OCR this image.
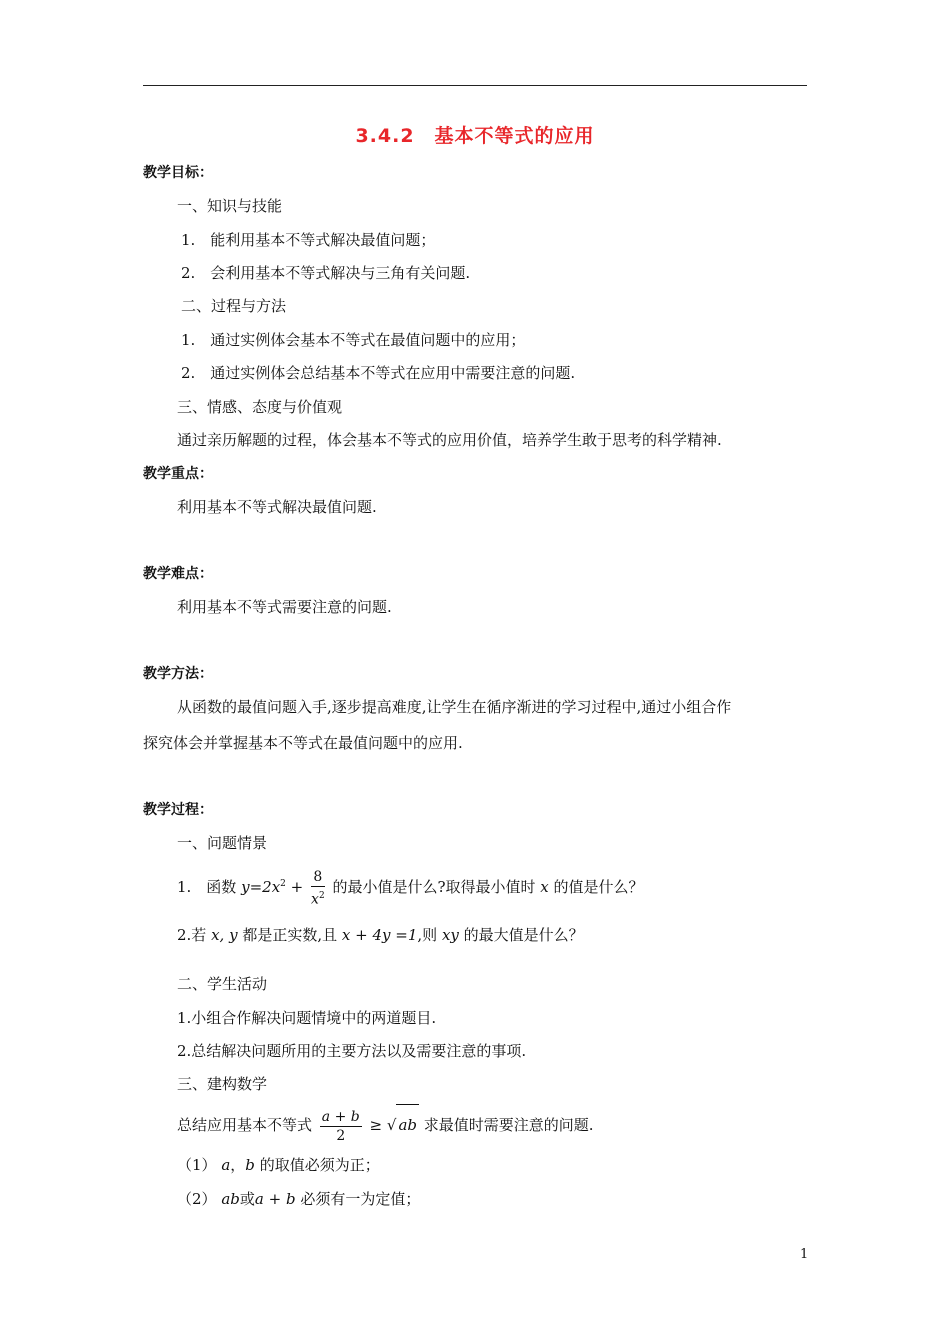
3.4.2　基本不等式的应用
教学目标：
一、知识与技能
1.　能利用基本不等式解决最值问题；
2.　会利用基本不等式解决与三角有关问题.
二、过程与方法
1.　通过实例体会基本不等式在最值问题中的应用；
2.　通过实例体会总结基本不等式在应用中需要注意的问题.
三、情感、态度与价值观
通过亲历解题的过程，体会基本不等式的应用价值，培养学生敢于思考的科学精神.
教学重点：
利用基本不等式解决最值问题.
教学难点：
利用基本不等式需要注意的问题.
教学方法：
从函数的最值问题入手,逐步提高难度,让学生在循序渐进的学习过程中,通过小组合作
探究体会并掌握基本不等式在最值问题中的应用.
教学过程：
一、问题情景
1.　函数 $y=2x^2 + \frac{8}{x^2}$ 的最小值是什么?取得最小值时 x 的值是什么？
2.若 x, y 都是正实数,且 x + 4y =1,则 xy 的最大值是什么？
二、学生活动
1.小组合作解决问题情境中的两道题目.
2.总结解决问题所用的主要方法以及需要注意的事项.
三、建构数学
总结应用基本不等式 $\frac{a + b}{2}$ ≥ √ ab 求最值时需要注意的问题.
（1） a，b 的取值必须为正；
（2） ab或a + b 必须有一为定值；
1
